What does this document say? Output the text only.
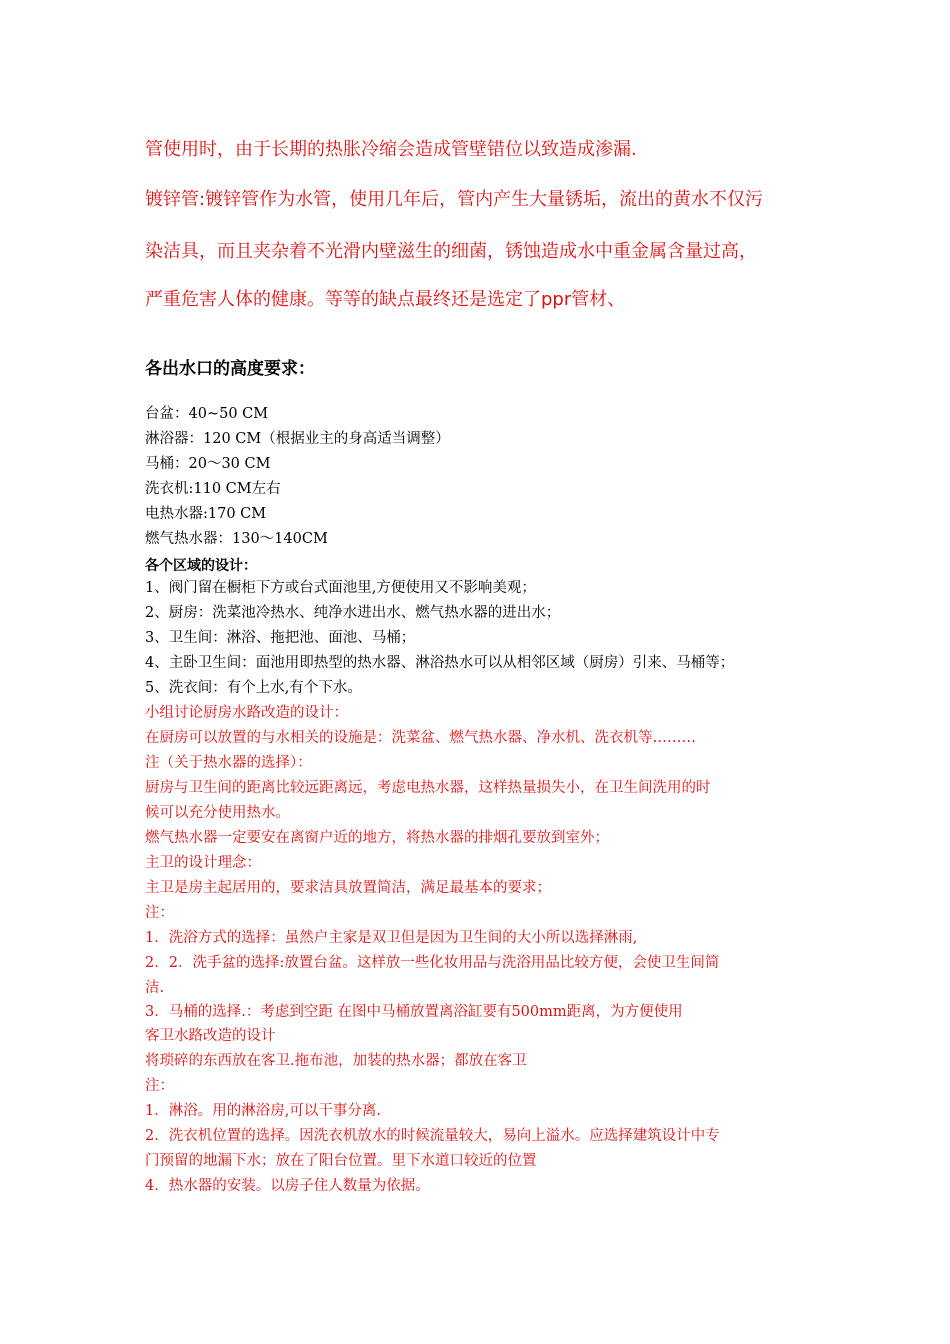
管使用时，由于长期的热胀冷缩会造成管壁错位以致造成渗漏.
镀锌管:镀锌管作为水管，使用几年后，管内产生大量锈垢，流出的黄水不仅污
染洁具，而且夹杂着不光滑内壁滋生的细菌，锈蚀造成水中重金属含量过高，
严重危害人体的健康。等等的缺点最终还是选定了ppr管材、
各出水口的高度要求：
台盆：40~50 CM
淋浴器：120 CM（根据业主的身高适当调整）
马桶：20～30 CM
洗衣机:110 CM左右
电热水器:170 CM
燃气热水器：130～140CM
各个区域的设计：
1、阀门留在橱柜下方或台式面池里,方便使用又不影响美观；
2、厨房：洗菜池冷热水、纯净水进出水、燃气热水器的进出水；
3、卫生间：淋浴、拖把池、面池、马桶；
4、主卧卫生间：面池用即热型的热水器、淋浴热水可以从相邻区域（厨房）引来、马桶等；
5、洗衣间：有个上水,有个下水。
小组讨论厨房水路改造的设计：
在厨房可以放置的与水相关的设施是：洗菜盆、燃气热水器、净水机、洗衣机等………
注（关于热水器的选择）：
厨房与卫生间的距离比较远距离远，考虑电热水器，这样热量损失小，在卫生间洗用的时
候可以充分使用热水。
燃气热水器一定要安在离窗户近的地方，将热水器的排烟孔要放到室外；
主卫的设计理念：
主卫是房主起居用的，要求洁具放置简洁，满足最基本的要求；
注：
1．洗浴方式的选择：虽然户主家是双卫但是因为卫生间的大小所以选择淋雨,
2．2．洗手盆的选择:放置台盆。这样放一些化妆用品与洗浴用品比较方便，会使卫生间简
洁.
3．马桶的选择.：考虑到空距 在图中马桶放置离浴缸要有500mm距离，为方便使用
客卫水路改造的设计
将琐碎的东西放在客卫.拖布池，加装的热水器；都放在客卫
注：
1．淋浴。用的淋浴房,可以干事分离.
2．洗衣机位置的选择。因洗衣机放水的时候流量较大，易向上溢水。应选择建筑设计中专
门预留的地漏下水；放在了阳台位置。里下水道口较近的位置
4．热水器的安装。以房子住人数量为依据。
